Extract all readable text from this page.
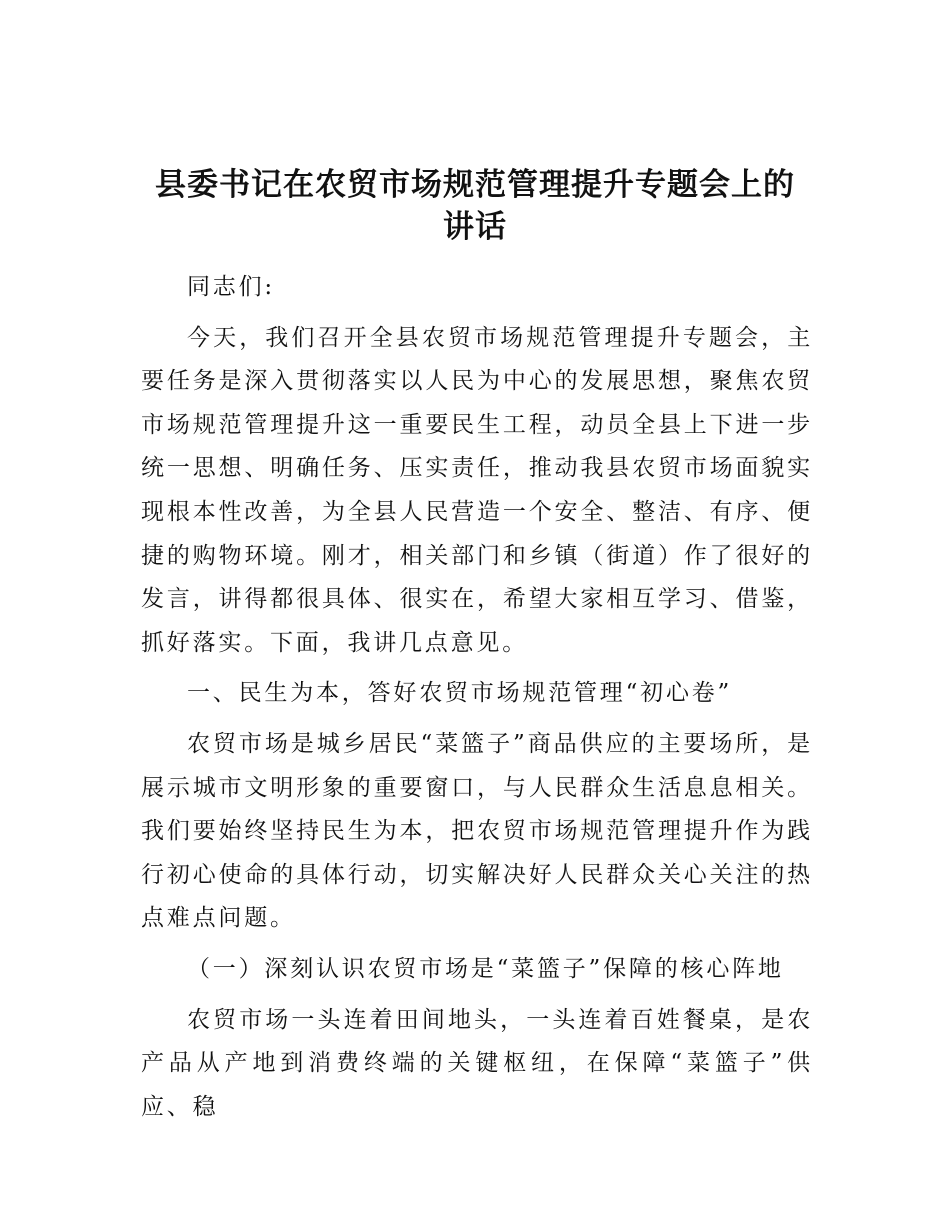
县委书记在农贸市场规范管理提升专题会上的讲话

同志们:

今天，我们召开全县农贸市场规范管理提升专题会，主要任务是深入贯彻落实以人民为中心的发展思想，聚焦农贸市场规范管理提升这一重要民生工程，动员全县上下进一步统一思想、明确任务、压实责任，推动我县农贸市场面貌实现根本性改善，为全县人民营造一个安全、整洁、有序、便捷的购物环境。刚才，相关部门和乡镇（街道）作了很好的发言，讲得都很具体、很实在，希望大家相互学习、借鉴，抓好落实。下面，我讲几点意见。

一、民生为本，答好农贸市场规范管理“初心卷”

农贸市场是城乡居民“菜篮子”商品供应的主要场所，是展示城市文明形象的重要窗口，与人民群众生活息息相关。我们要始终坚持民生为本，把农贸市场规范管理提升作为践行初心使命的具体行动，切实解决好人民群众关心关注的热点难点问题。

（一）深刻认识农贸市场是“菜篮子”保障的核心阵地

农贸市场一头连着田间地头，一头连着百姓餐桌，是农产品从产地到消费终端的关键枢纽，在保障“菜篮子”供应、稳
